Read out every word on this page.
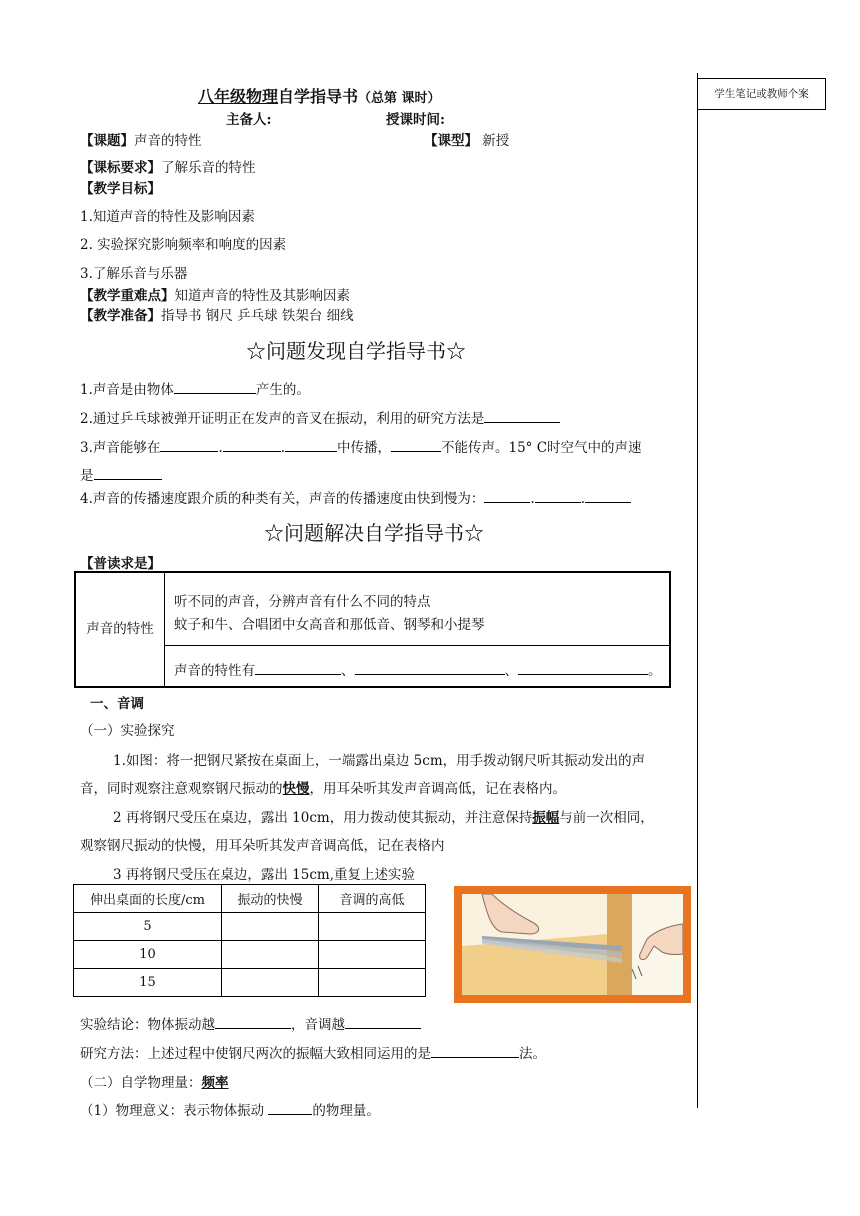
学生笔记或教师个案
八年级物理自学指导书（总第 课时）
主备人:	授课时间:
【课题】声音的特性	【课型】 新授
【课标要求】了解乐音的特性
【教学目标】
1.知道声音的特性及影响因素
2. 实验探究影响频率和响度的因素
3.了解乐音与乐器
【教学重难点】知道声音的特性及其影响因素
【教学准备】指导书 钢尺 乒乓球 铁架台 细线
☆问题发现自学指导书☆
1.声音是由物体	产生的。
2.通过乒乓球被弹开证明正在发声的音叉在振动，利用的研究方法是
3.声音能够在	.	.	中传播，	不能传声。15° C时空气中的声速
是
4.声音的传播速度跟介质的种类有关，声音的传播速度由快到慢为：	.	.
☆问题解决自学指导书☆
【普读求是】
声音的特性
听不同的声音，分辨声音有什么不同的特点
蚊子和牛、合唱团中女高音和那低音、钢琴和小提琴
声音的特性有	、	、	。
一、音调
（一）实验探究
1.如图：将一把钢尺紧按在桌面上，一端露出桌边 5cm，用手拨动钢尺听其振动发出的声
音，同时观察注意观察钢尺振动的快慢，用耳朵听其发声音调高低，记在表格内。
2 再将钢尺受压在桌边，露出 10cm，用力拨动使其振动，并注意保持振幅与前一次相同，
观察钢尺振动的快慢，用耳朵听其发声音调高低，记在表格内
3 再将钢尺受压在桌边，露出 15cm,重复上述实验
伸出桌面的长度/cm	振动的快慢	音调的高低
5		
10		
15		
实验结论：物体振动越	，音调越
研究方法：上述过程中使钢尺两次的振幅大致相同运用的是	法。
（二）自学物理量：频率
（1）物理意义：表示物体振动	的物理量。
